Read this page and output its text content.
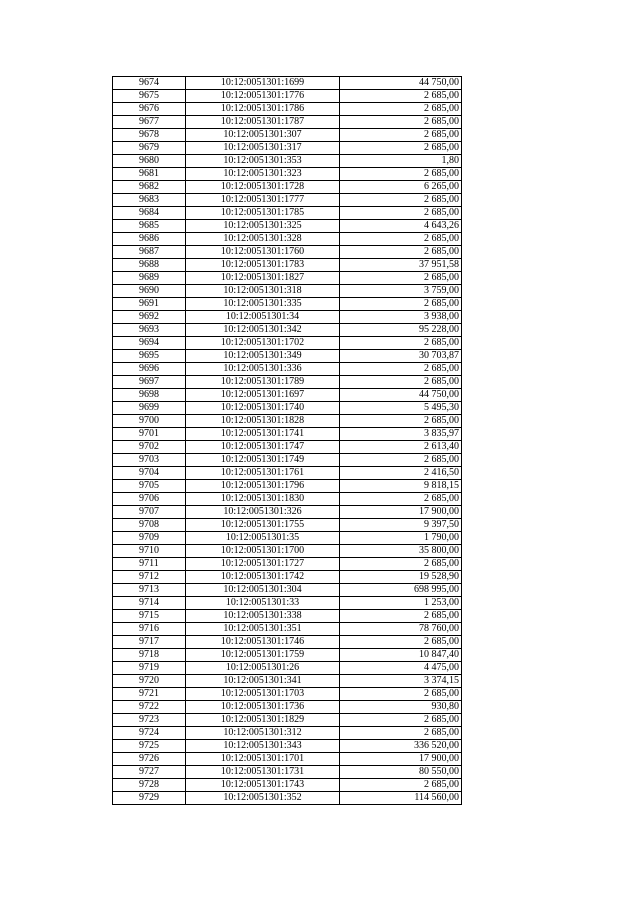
9674	10:12:0051301:1699	44 750,00
9675	10:12:0051301:1776	2 685,00
9676	10:12:0051301:1786	2 685,00
9677	10:12:0051301:1787	2 685,00
9678	10:12:0051301:307	2 685,00
9679	10:12:0051301:317	2 685,00
9680	10:12:0051301:353	1,80
9681	10:12:0051301:323	2 685,00
9682	10:12:0051301:1728	6 265,00
9683	10:12:0051301:1777	2 685,00
9684	10:12:0051301:1785	2 685,00
9685	10:12:0051301:325	4 643,26
9686	10:12:0051301:328	2 685,00
9687	10:12:0051301:1760	2 685,00
9688	10:12:0051301:1783	37 951,58
9689	10:12:0051301:1827	2 685,00
9690	10:12:0051301:318	3 759,00
9691	10:12:0051301:335	2 685,00
9692	10:12:0051301:34	3 938,00
9693	10:12:0051301:342	95 228,00
9694	10:12:0051301:1702	2 685,00
9695	10:12:0051301:349	30 703,87
9696	10:12:0051301:336	2 685,00
9697	10:12:0051301:1789	2 685,00
9698	10:12:0051301:1697	44 750,00
9699	10:12:0051301:1740	5 495,30
9700	10:12:0051301:1828	2 685,00
9701	10:12:0051301:1741	3 835,97
9702	10:12:0051301:1747	2 613,40
9703	10:12:0051301:1749	2 685,00
9704	10:12:0051301:1761	2 416,50
9705	10:12:0051301:1796	9 818,15
9706	10:12:0051301:1830	2 685,00
9707	10:12:0051301:326	17 900,00
9708	10:12:0051301:1755	9 397,50
9709	10:12:0051301:35	1 790,00
9710	10:12:0051301:1700	35 800,00
9711	10:12:0051301:1727	2 685,00
9712	10:12:0051301:1742	19 528,90
9713	10:12:0051301:304	698 995,00
9714	10:12:0051301:33	1 253,00
9715	10:12:0051301:338	2 685,00
9716	10:12:0051301:351	78 760,00
9717	10:12:0051301:1746	2 685,00
9718	10:12:0051301:1759	10 847,40
9719	10:12:0051301:26	4 475,00
9720	10:12:0051301:341	3 374,15
9721	10:12:0051301:1703	2 685,00
9722	10:12:0051301:1736	930,80
9723	10:12:0051301:1829	2 685,00
9724	10:12:0051301:312	2 685,00
9725	10:12:0051301:343	336 520,00
9726	10:12:0051301:1701	17 900,00
9727	10:12:0051301:1731	80 550,00
9728	10:12:0051301:1743	2 685,00
9729	10:12:0051301:352	114 560,00
